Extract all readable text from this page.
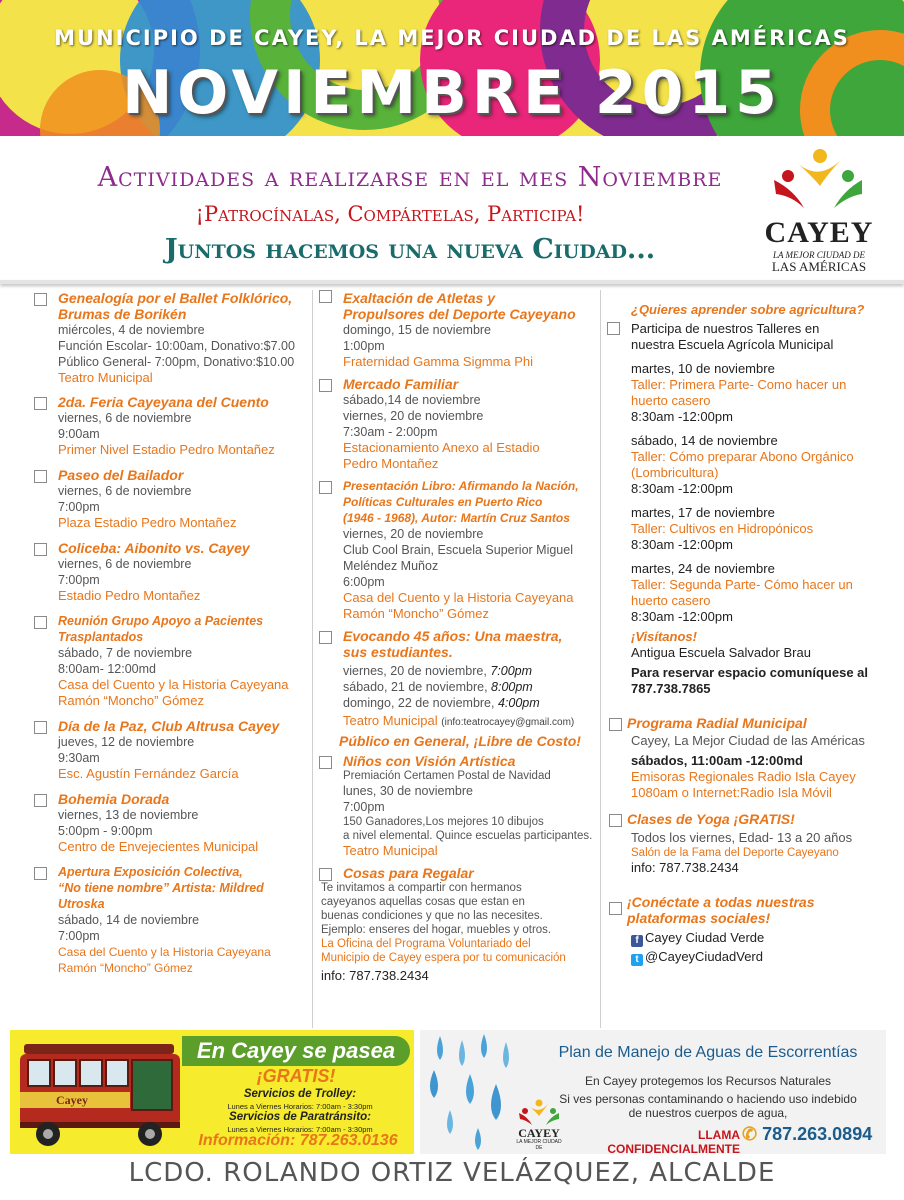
MUNICIPIO DE CAYEY, LA MEJOR CIUDAD DE LAS AMÉRICAS
NOVIEMBRE 2015
Actividades a realizarse en el mes Noviembre
¡Patrocínalas, Compártelas, Participa!
Juntos hacemos una nueva Ciudad...
CAYEY
LA MEJOR CIUDAD DE
LAS AMÉRICAS
Genealogía por el Ballet Folklórico,
Brumas de Borikén
miércoles, 4 de noviembre
Función Escolar- 10:00am, Donativo:$7.00
Público General- 7:00pm, Donativo:$10.00
Teatro Municipal
2da. Feria Cayeyana del Cuento
viernes, 6 de noviembre
9:00am
Primer Nivel Estadio Pedro Montañez
Paseo del Bailador
viernes, 6 de noviembre
7:00pm
Plaza Estadio Pedro Montañez
Coliceba: Aibonito vs. Cayey
viernes, 6 de noviembre
7:00pm
Estadio Pedro Montañez
Reunión Grupo Apoyo a Pacientes
Trasplantados
sábado, 7 de noviembre
8:00am- 12:00md
Casa del Cuento y la Historia Cayeyana
Ramón “Moncho” Gómez
Día de la Paz, Club Altrusa Cayey
jueves, 12 de noviembre
9:30am
Esc. Agustín Fernández García
Bohemia Dorada
viernes, 13 de noviembre
5:00pm - 9:00pm
Centro de Envejecientes Municipal
Apertura Exposición Colectiva,
“No tiene nombre” Artista: Mildred Utroska
sábado, 14 de noviembre
7:00pm
Casa del Cuento y la Historia Cayeyana
Ramón “Moncho” Gómez
Exaltación de Atletas y
Propulsores del Deporte Cayeyano
domingo, 15 de noviembre
1:00pm
Fraternidad Gamma Sigmma Phi
Mercado Familiar
sábado,14 de noviembre
viernes, 20 de noviembre
7:30am - 2:00pm
Estacionamiento Anexo al Estadio
Pedro Montañez
Presentación Libro: Afirmando la Nación,
Políticas Culturales en Puerto Rico
(1946 - 1968), Autor: Martín Cruz Santos
viernes, 20 de noviembre
Club Cool Brain, Escuela Superior Miguel
Meléndez Muñoz
6:00pm
Casa del Cuento y la Historia Cayeyana
Ramón “Moncho” Gómez
Evocando 45 años: Una maestra,
sus estudiantes.
viernes, 20 de noviembre, 7:00pm
sábado, 21 de noviembre, 8:00pm
domingo, 22 de noviembre, 4:00pm
Teatro Municipal (info:teatrocayey@gmail.com)
Público en General, ¡Libre de Costo!
Niños con Visión Artística
Premiación Certamen Postal de Navidad
lunes, 30 de noviembre
7:00pm
150 Ganadores,Los mejores 10 dibujos
a nivel elemental. Quince escuelas participantes.
Teatro Municipal
Cosas para Regalar
Te invitamos a compartir con hermanos
cayeyanos aquellas cosas que estan en
buenas condiciones y que no las necesites.
Ejemplo: enseres del hogar, muebles y otros.
La Oficina del Programa Voluntariado del
Municipio de Cayey espera por tu comunicación
info: 787.738.2434
¿Quieres aprender sobre agricultura?
Participa de nuestros Talleres en
nuestra Escuela Agrícola Municipal
martes, 10 de noviembre
Taller: Primera Parte- Como hacer un
huerto casero
8:30am -12:00pm
sábado, 14 de noviembre
Taller: Cómo preparar Abono Orgánico
(Lombricultura)
8:30am -12:00pm
martes, 17 de noviembre
Taller: Cultivos en Hidropónicos
8:30am -12:00pm
martes, 24 de noviembre
Taller: Segunda Parte- Cómo hacer un
huerto casero
8:30am -12:00pm
¡Visítanos!
Antigua Escuela Salvador Brau
Para reservar espacio comuníquese al
787.738.7865
Programa Radial Municipal
Cayey, La Mejor Ciudad de las Américas
sábados, 11:00am -12:00md
Emisoras Regionales Radio Isla Cayey
1080am o Internet:Radio Isla Móvil
Clases de Yoga ¡GRATIS!
Todos los viernes, Edad- 13 a 20 años
Salón de la Fama del Deporte Cayeyano
info: 787.738.2434
¡Conéctate a todas nuestras
plataformas sociales!
f Cayey Ciudad Verde
t @CayeyCiudadVerd
Cayey
En Cayey se pasea
¡GRATIS!
Servicios de Trolley:
Lunes a Viernes Horarios: 7:00am - 3:30pm
Servicios de Paratránsito:
Lunes a Viernes Horarios: 7:00am - 3:30pm
Información: 787.263.0136	CAYEY
LA MEJOR CIUDAD DE
Plan de Manejo de Aguas de Escorrentías
En Cayey protegemos los Recursos Naturales
Si ves personas contaminando o haciendo uso indebido
de nuestros cuerpos de agua,
LLAMA CONFIDENCIALMENTE
✆ 787.263.0894
LCDO. ROLANDO ORTIZ VELÁZQUEZ, ALCALDE
